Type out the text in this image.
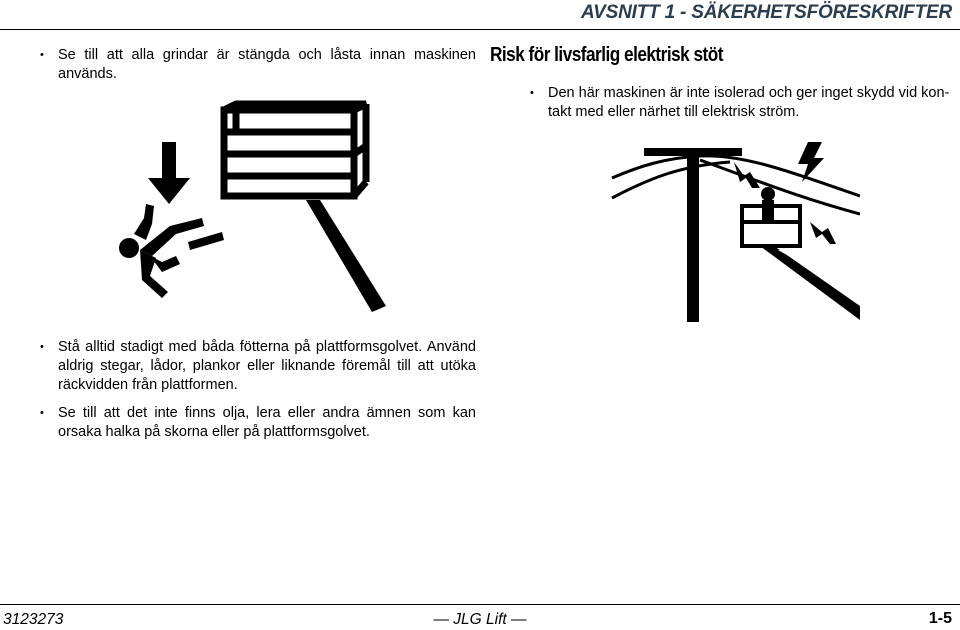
AVSNITT 1 - SÄKERHETSFÖRESKRIFTER
• Se till att alla grindar är stängda och låsta innan maskinen används.
Risk för livsfarlig elektrisk stöt
• Den här maskinen är inte isolerad och ger inget skydd vid kon-takt med eller närhet till elektrisk ström.
• Stå alltid stadigt med båda fötterna på plattformsgolvet. Använd aldrig stegar, lådor, plankor eller liknande föremål till att utöka räckvidden från plattformen.
• Se till att det inte finns olja, lera eller andra ämnen som kan orsaka halka på skorna eller på plattformsgolvet.
3123273	— JLG Lift —	1-5
